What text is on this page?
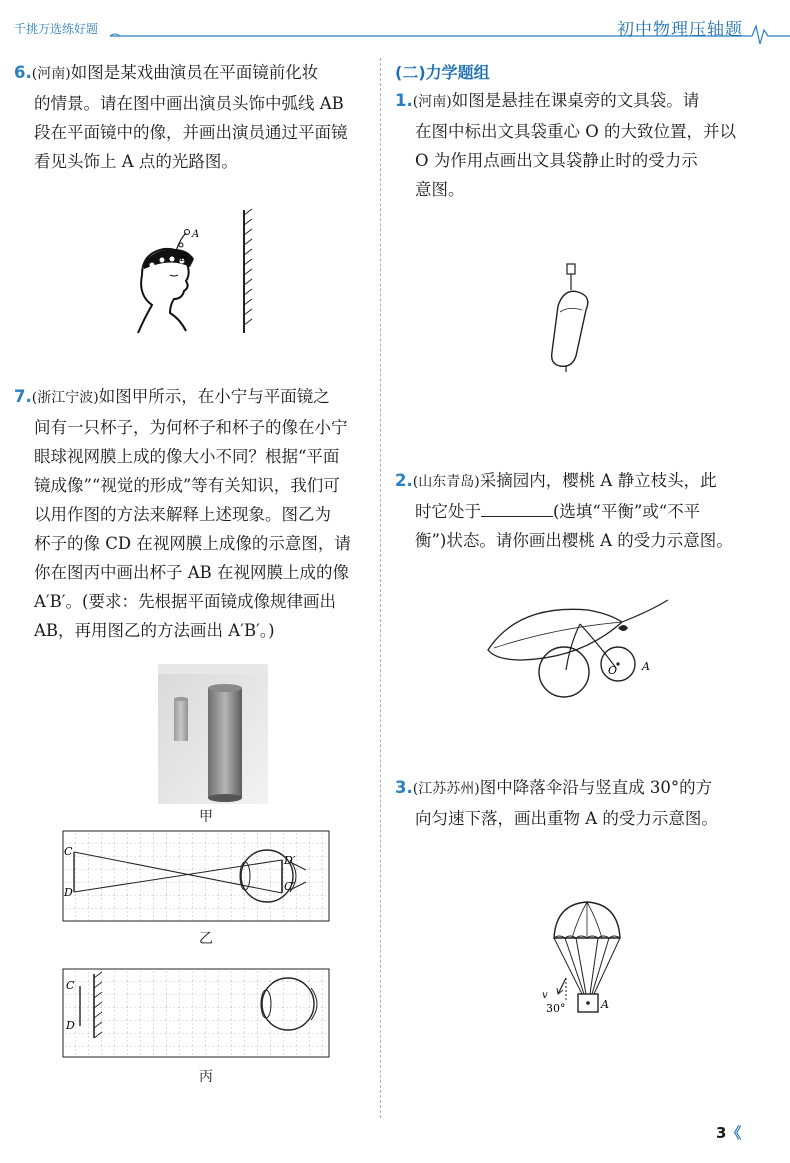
千挑万选练好题	初中物理压轴题
6.(河南)如图是某戏曲演员在平面镜前化妆
的情景。请在图中画出演员头饰中弧线 AB
段在平面镜中的像，并画出演员通过平面镜
看见头饰上 A 点的光路图。
A
B
7.(浙江宁波)如图甲所示，在小宁与平面镜之
间有一只杯子，为何杯子和杯子的像在小宁
眼球视网膜上成的像大小不同？根据“平面
镜成像”“视觉的形成”等有关知识，我们可
以用作图的方法来解释上述现象。图乙为
杯子的像 CD 在视网膜上成像的示意图，请
你在图丙中画出杯子 AB 在视网膜上成的像
A′B′。(要求：先根据平面镜成像规律画出
AB，再用图乙的方法画出 A′B′。)
甲
C
D
D′
C′
乙
C
D
丙
(二)力学题组
1.(河南)如图是悬挂在课桌旁的文具袋。请
在图中标出文具袋重心 O 的大致位置，并以
O 为作用点画出文具袋静止时的受力示
意图。
2.(山东青岛)采摘园内，樱桃 A 静立枝头，此
时它处于	(选填“平衡”或“不平
衡”)状态。请你画出樱桃 A 的受力示意图。
O A
3.(江苏苏州)图中降落伞沿与竖直成 30°的方
向匀速下落，画出重物 A 的受力示意图。
v
30°	A
3《
